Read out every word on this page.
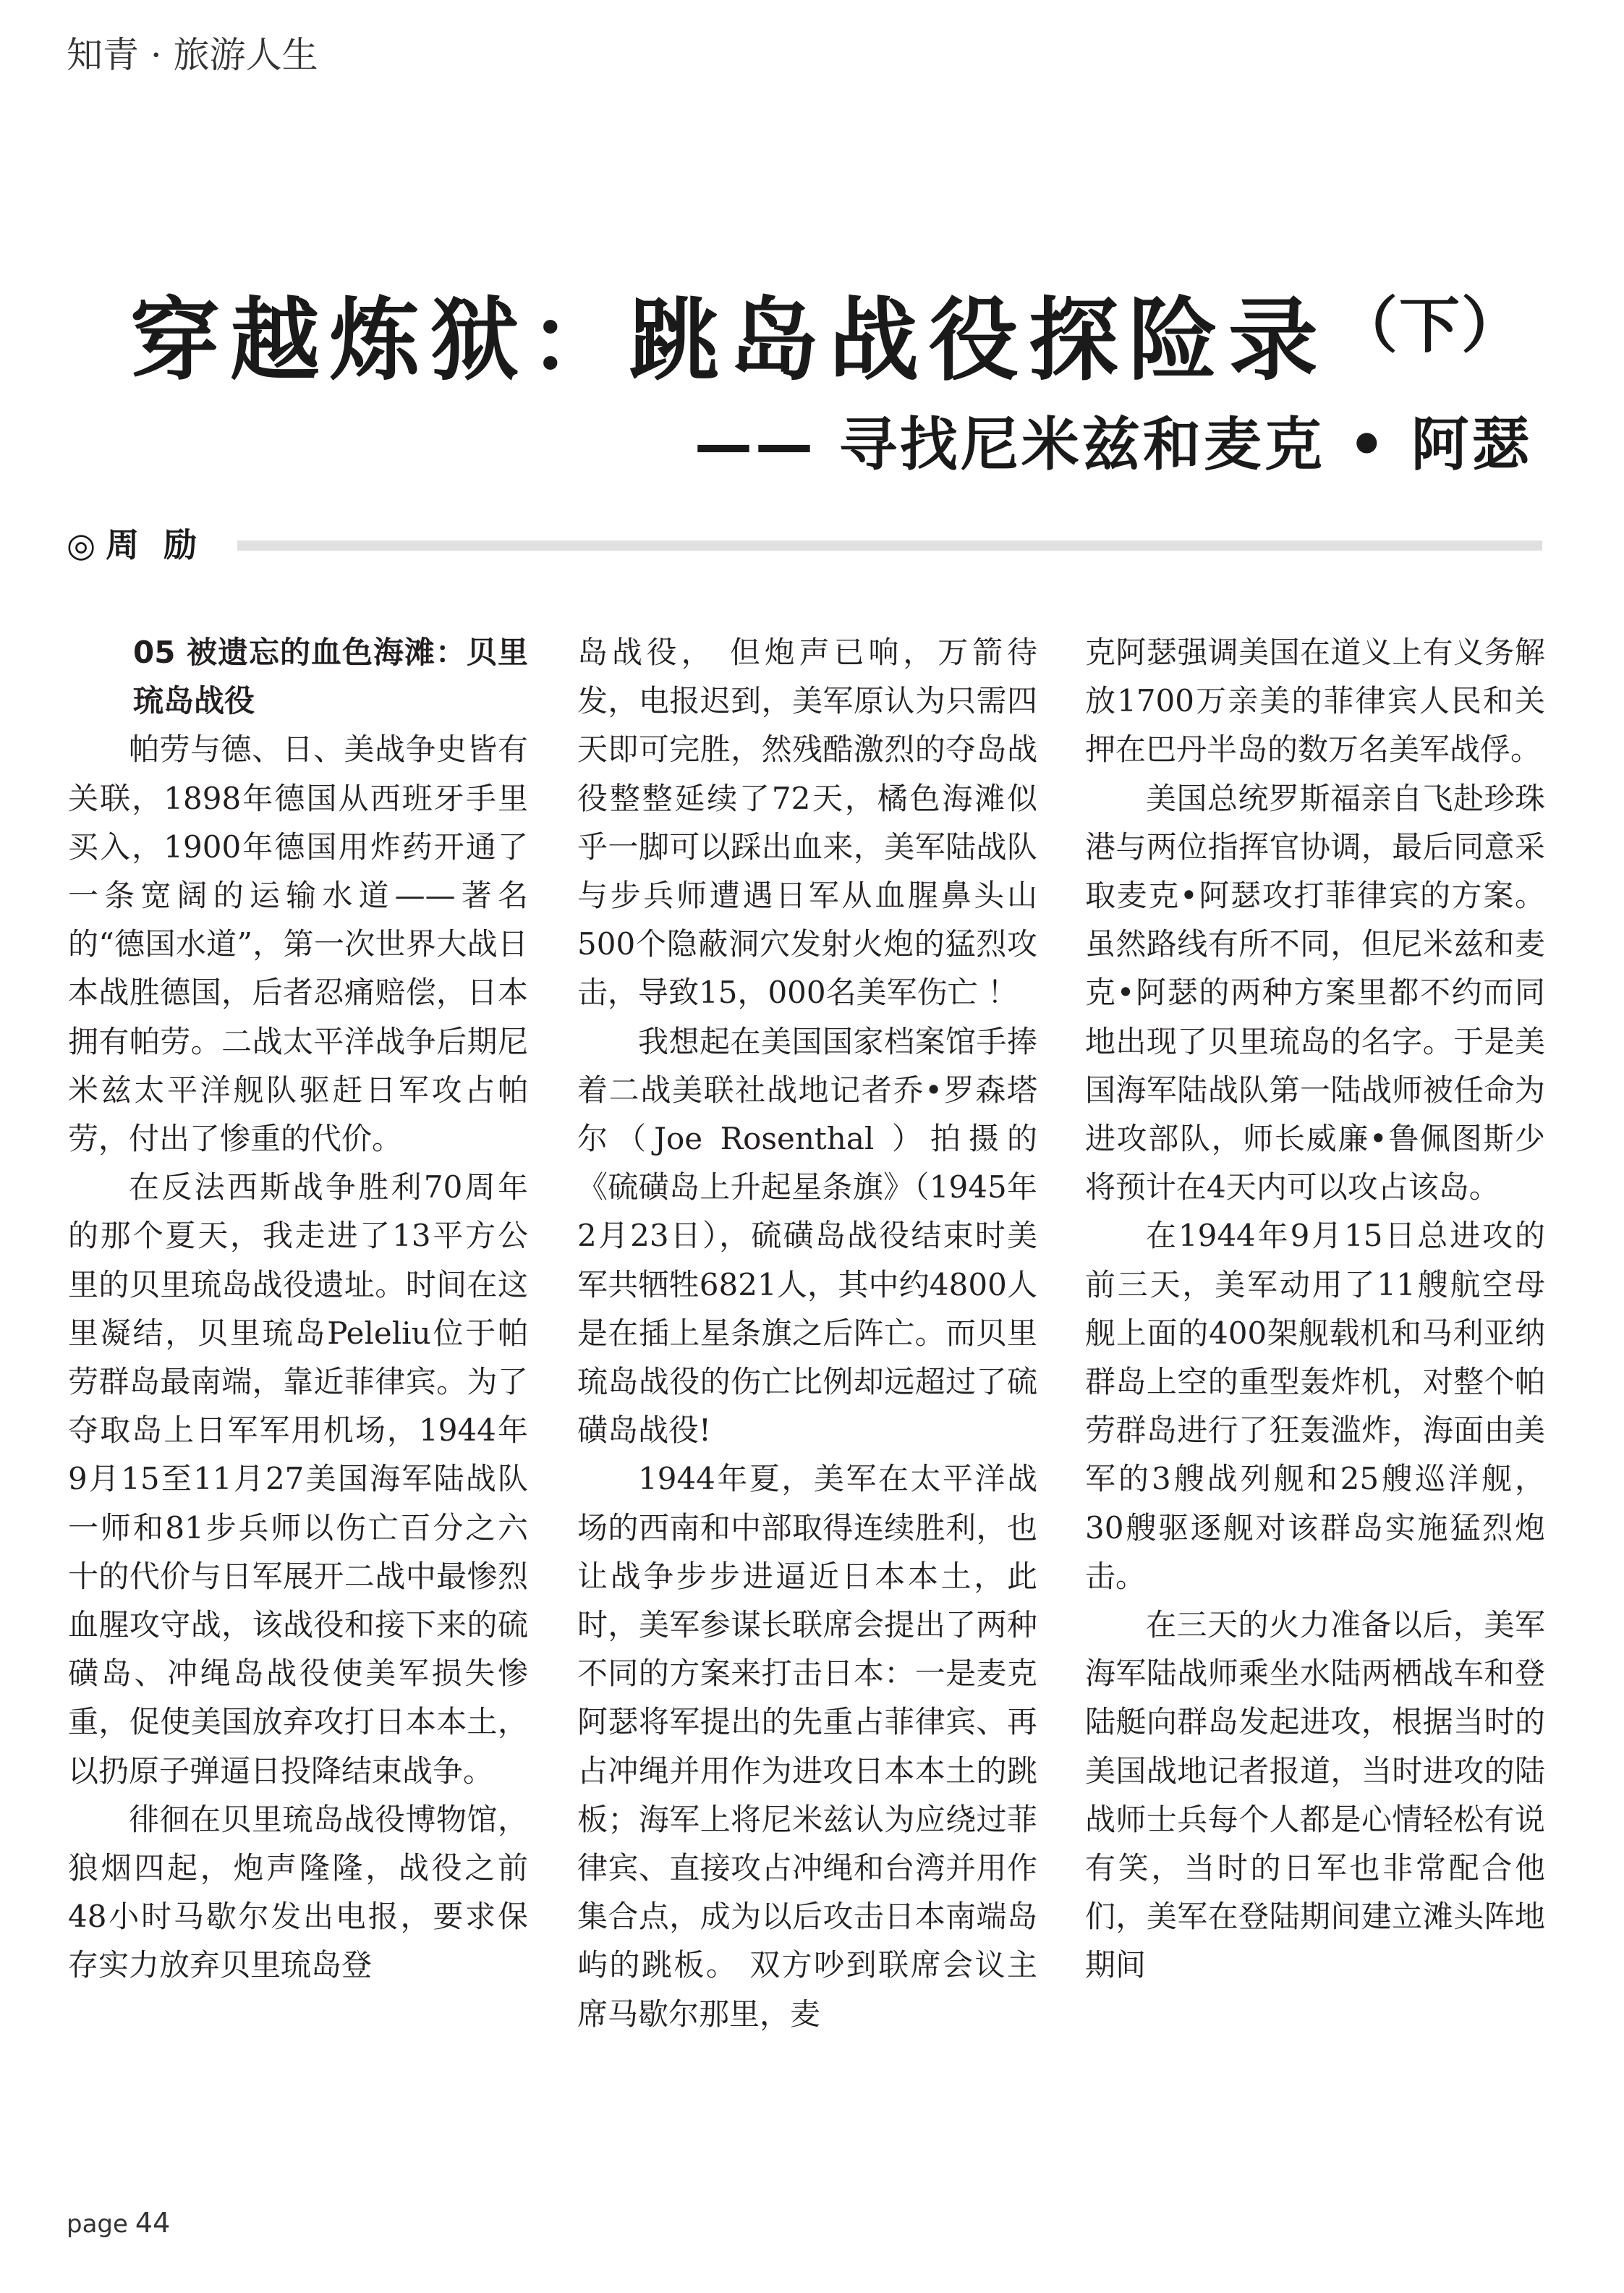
知青 · 旅游人生
穿越炼狱：跳岛战役探险录 $^{(下)}$
—— 寻找尼米兹和麦克 • 阿瑟
◎ 周励

05 被遗忘的血色海滩：贝里琉岛战役

帕劳与德、日、美战争史皆有关联，1898年德国从西班牙手里买入，1900年德国用炸药开通了一条宽阔的运输水道——著名的“德国水道”，第一次世界大战日本战胜德国，后者忍痛赔偿，日本拥有帕劳。二战太平洋战争后期尼米兹太平洋舰队驱赶日军攻占帕劳，付出了惨重的代价。

在反法西斯战争胜利70周年的那个夏天，我走进了13平方公里的贝里琉岛战役遗址。时间在这里凝结，贝里琉岛Peleliu位于帕劳群岛最南端，靠近菲律宾。为了夺取岛上日军军用机场，1944年9月15至11月27美国海军陆战队一师和81步兵师以伤亡百分之六十的代价与日军展开二战中最惨烈血腥攻守战，该战役和接下来的硫磺岛、冲绳岛战役使美军损失惨重，促使美国放弃攻打日本本土，以扔原子弹逼日投降结束战争。

徘徊在贝里琉岛战役博物馆，狼烟四起，炮声隆隆，战役之前48小时马歇尔发出电报，要求保存实力放弃贝里琉岛登

岛战役， 但炮声已响，万箭待发，电报迟到，美军原认为只需四天即可完胜，然残酷激烈的夺岛战役整整延续了72天，橘色海滩似乎一脚可以踩出血来，美军陆战队与步兵师遭遇日军从血腥鼻头山500个隐蔽洞穴发射火炮的猛烈攻击，导致15，000名美军伤亡 ！

我想起在美国国家档案馆手捧着二战美联社战地记者乔•罗森塔尔（Joe Rosenthal ）拍摄的《硫磺岛上升起星条旗》（1945年2月23日），硫磺岛战役结束时美军共牺牲6821人，其中约4800人是在插上星条旗之后阵亡。而贝里琉岛战役的伤亡比例却远超过了硫磺岛战役!

1944年夏，美军在太平洋战场的西南和中部取得连续胜利，也让战争步步进逼近日本本土，此时，美军参谋长联席会提出了两种不同的方案来打击日本：一是麦克阿瑟将军提出的先重占菲律宾、再占冲绳并用作为进攻日本本土的跳板；海军上将尼米兹认为应绕过菲律宾、直接攻占冲绳和台湾并用作集合点，成为以后攻击日本南端岛屿的跳板。 双方吵到联席会议主席马歇尔那里，麦

克阿瑟强调美国在道义上有义务解放1700万亲美的菲律宾人民和关押在巴丹半岛的数万名美军战俘。

美国总统罗斯福亲自飞赴珍珠港与两位指挥官协调，最后同意采取麦克•阿瑟攻打菲律宾的方案。虽然路线有所不同，但尼米兹和麦克•阿瑟的两种方案里都不约而同地出现了贝里琉岛的名字。于是美国海军陆战队第一陆战师被任命为进攻部队，师长威廉•鲁佩图斯少将预计在4天内可以攻占该岛。

在1944年9月15日总进攻的前三天，美军动用了11艘航空母舰上面的400架舰载机和马利亚纳群岛上空的重型轰炸机，对整个帕劳群岛进行了狂轰滥炸，海面由美军的3艘战列舰和25艘巡洋舰，30艘驱逐舰对该群岛实施猛烈炮击。

在三天的火力准备以后，美军海军陆战师乘坐水陆两栖战车和登陆艇向群岛发起进攻，根据当时的美国战地记者报道，当时进攻的陆战师士兵每个人都是心情轻松有说有笑，当时的日军也非常配合他们，美军在登陆期间建立滩头阵地期间

page 44
